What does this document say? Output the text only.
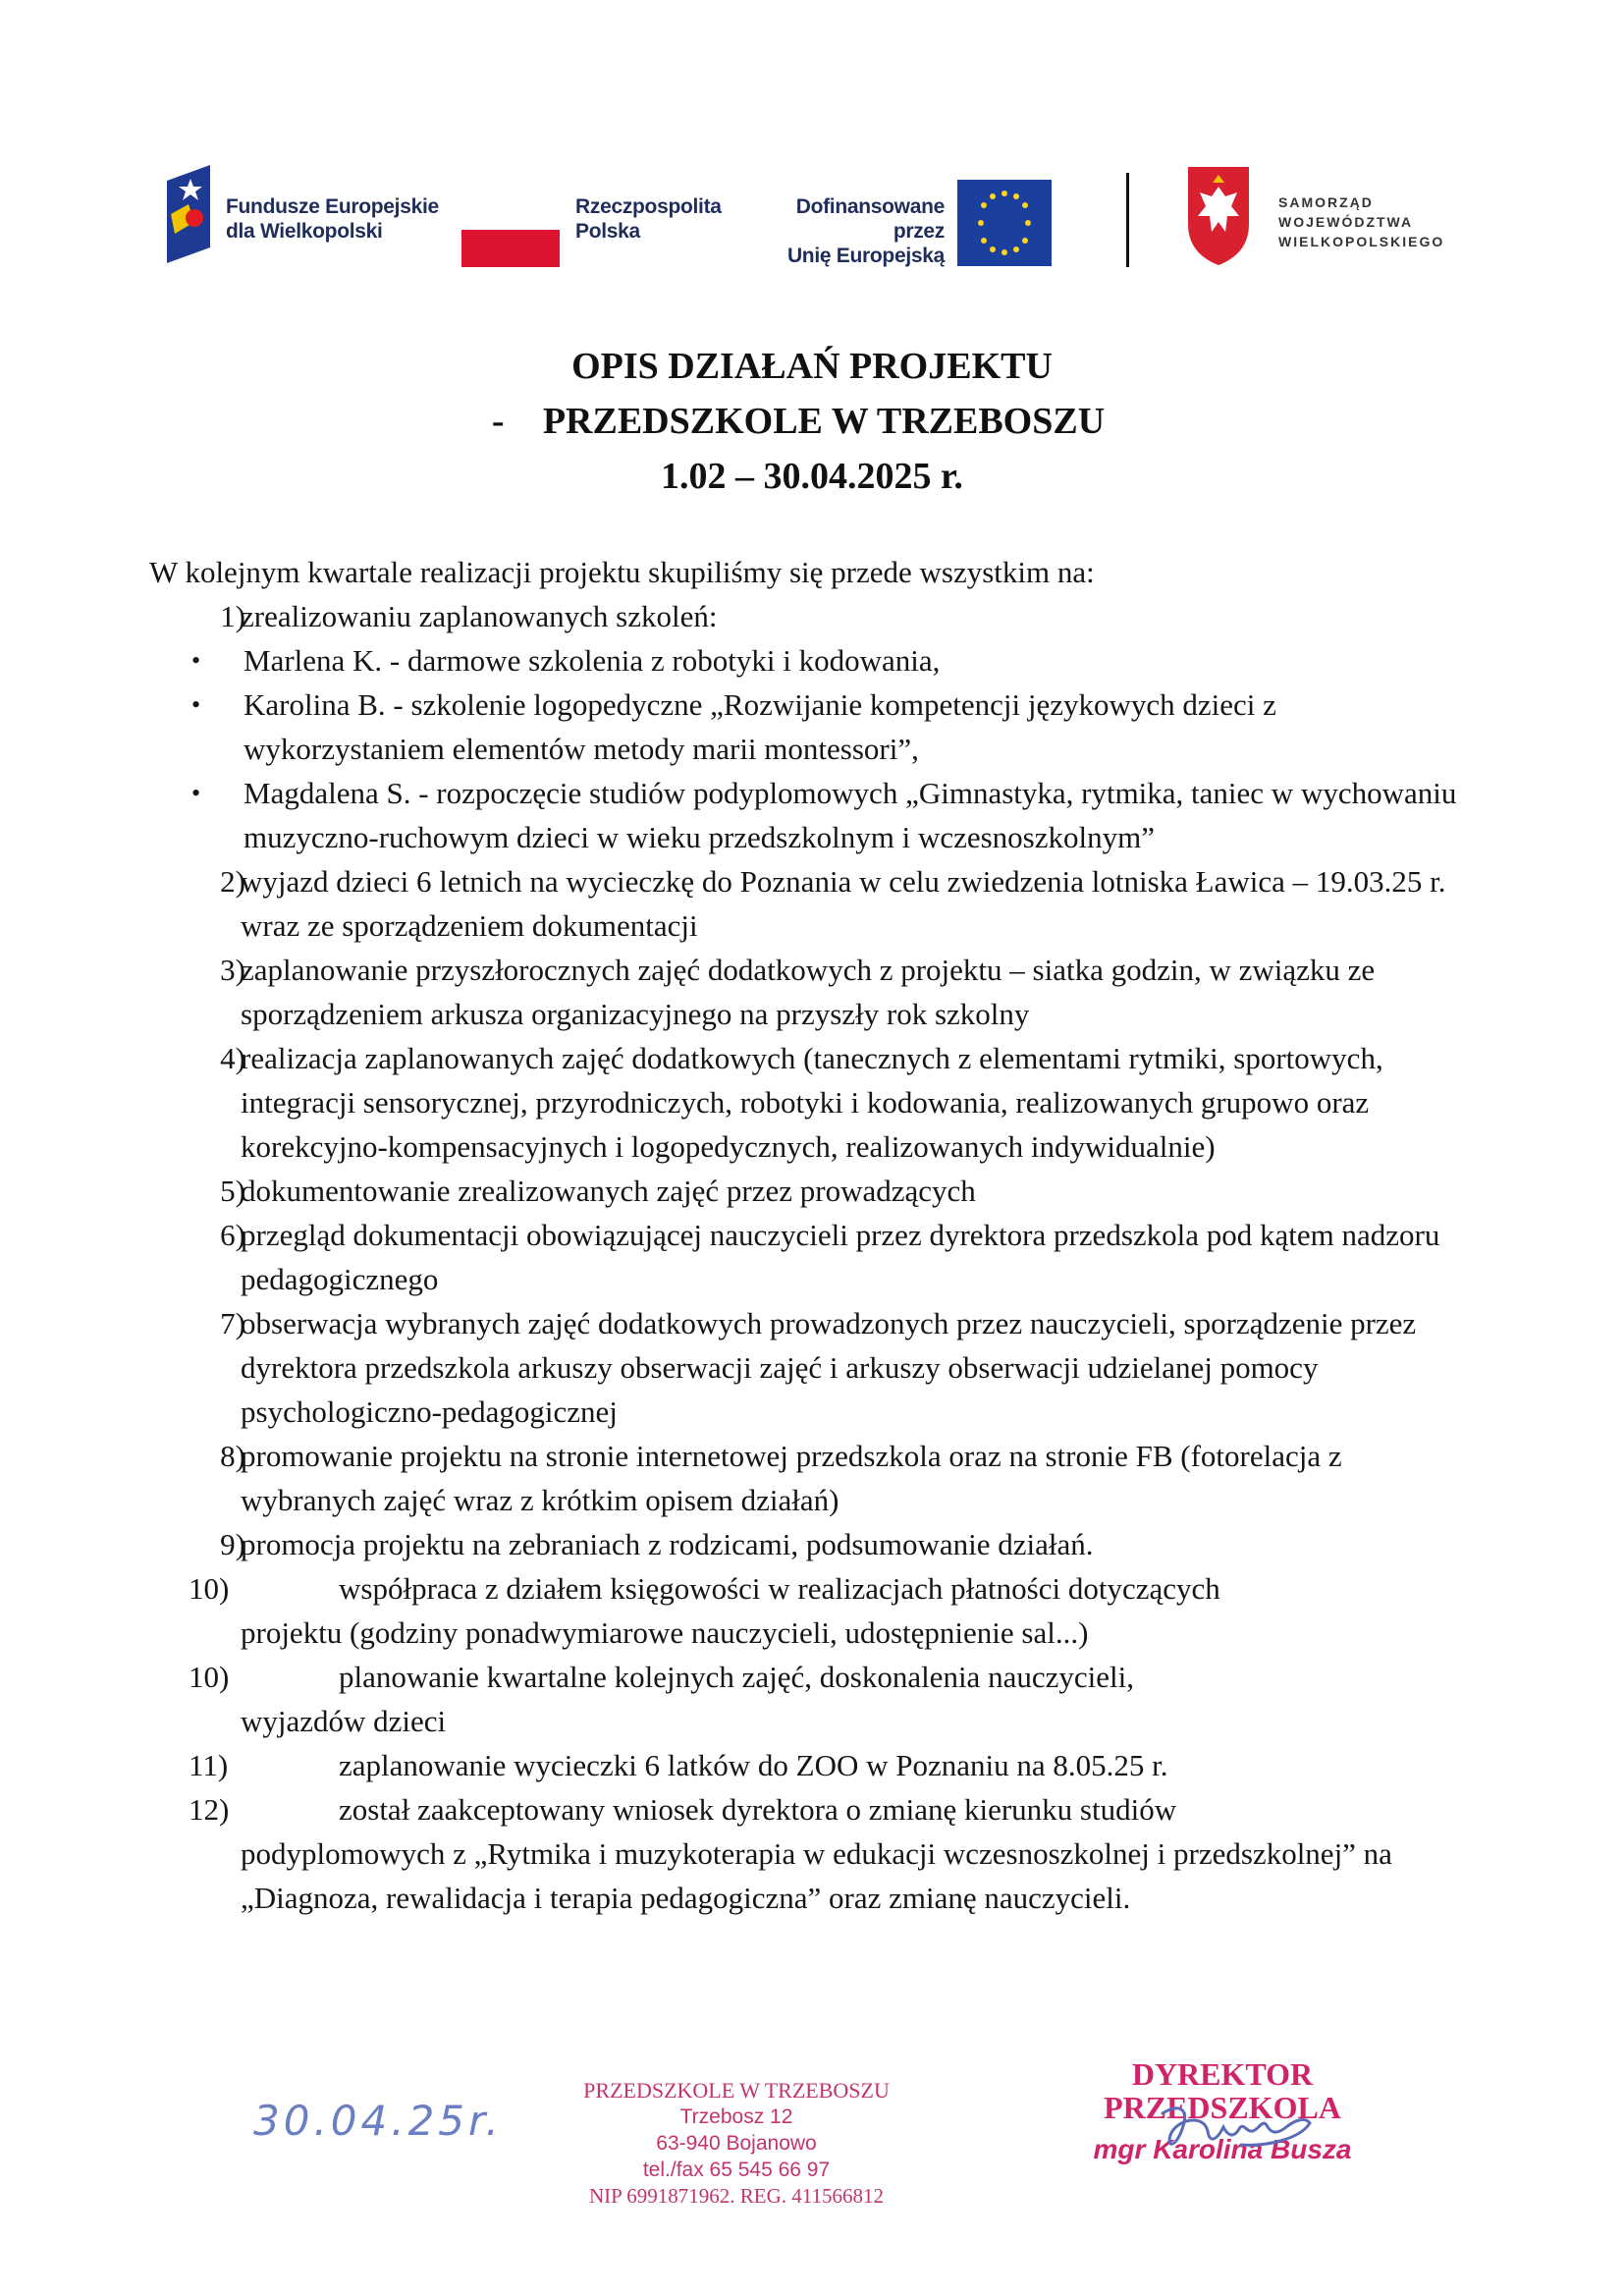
Fundusze Europejskie
dla Wielkopolski
Rzeczpospolita
Polska
Dofinansowane przez
Unię Europejską
SAMORZĄD
WOJEWÓDZTWA
WIELKOPOLSKIEGO
OPIS DZIAŁAŃ PROJEKTU
- PRZEDSZKOLE W TRZEBOSZU
1.02 – 30.04.2025 r.

W kolejnym kwartale realizacji projektu skupiliśmy się przede wszystkim na:

1)
zrealizowaniu zaplanowanych szkoleń:
•	Marlena K. - darmowe szkolenia z robotyki i kodowania,
•	Karolina B. - szkolenie logopedyczne „Rozwijanie kompetencji językowych dzieci z wykorzystaniem elementów metody marii montessori”,
•	Magdalena S. - rozpoczęcie studiów podyplomowych „Gimnastyka, rytmika, taniec w wychowaniu muzyczno-ruchowym dzieci w wieku przedszkolnym i wczesnoszkolnym”
2)
wyjazd dzieci 6 letnich na wycieczkę do Poznania w celu zwiedzenia lotniska Ławica – 19.03.25 r. wraz ze sporządzeniem dokumentacji
3)
zaplanowanie przyszłorocznych zajęć dodatkowych z projektu – siatka godzin, w związku ze sporządzeniem arkusza organizacyjnego na przyszły rok szkolny
4)
realizacja zaplanowanych zajęć dodatkowych (tanecznych z elementami rytmiki, sportowych, integracji sensorycznej, przyrodniczych, robotyki i kodowania, realizowanych grupowo oraz korekcyjno-kompensacyjnych i logopedycznych, realizowanych indywidualnie)
5)
dokumentowanie zrealizowanych zajęć przez prowadzących
6)
przegląd dokumentacji obowiązującej nauczycieli przez dyrektora przedszkola pod kątem nadzoru pedagogicznego
7)
obserwacja wybranych zajęć dodatkowych prowadzonych przez nauczycieli, sporządzenie przez dyrektora przedszkola arkuszy obserwacji zajęć i arkuszy obserwacji udzielanej pomocy psychologiczno-pedagogicznej
8)
promowanie projektu na stronie internetowej przedszkola oraz na stronie FB (fotorelacja z wybranych zajęć wraz z krótkim opisem działań)
9)
promocja projektu na zebraniach z rodzicami, podsumowanie działań.
10)	współpraca z działem księgowości w realizacjach płatności dotyczących
projektu (godziny ponadwymiarowe nauczycieli, udostępnienie sal...)
10)	planowanie kwartalne kolejnych zajęć, doskonalenia nauczycieli,
wyjazdów dzieci
11)	zaplanowanie wycieczki 6 latków do ZOO w Poznaniu na 8.05.25 r.
12)	został zaakceptowany wniosek dyrektora o zmianę kierunku studiów
podyplomowych z „Rytmika i muzykoterapia w edukacji wczesnoszkolnej i przedszkolnej” na „Diagnoza, rewalidacja i terapia pedagogiczna” oraz zmianę nauczycieli.
30.04.25r.
PRZEDSZKOLE W TRZEBOSZU
Trzebosz 12
63-940 Bojanowo
tel./fax 65 545 66 97
NIP 6991871962. REG. 411566812
DYREKTOR
PRZEDSZKOLA
mgr Karolina Busza
